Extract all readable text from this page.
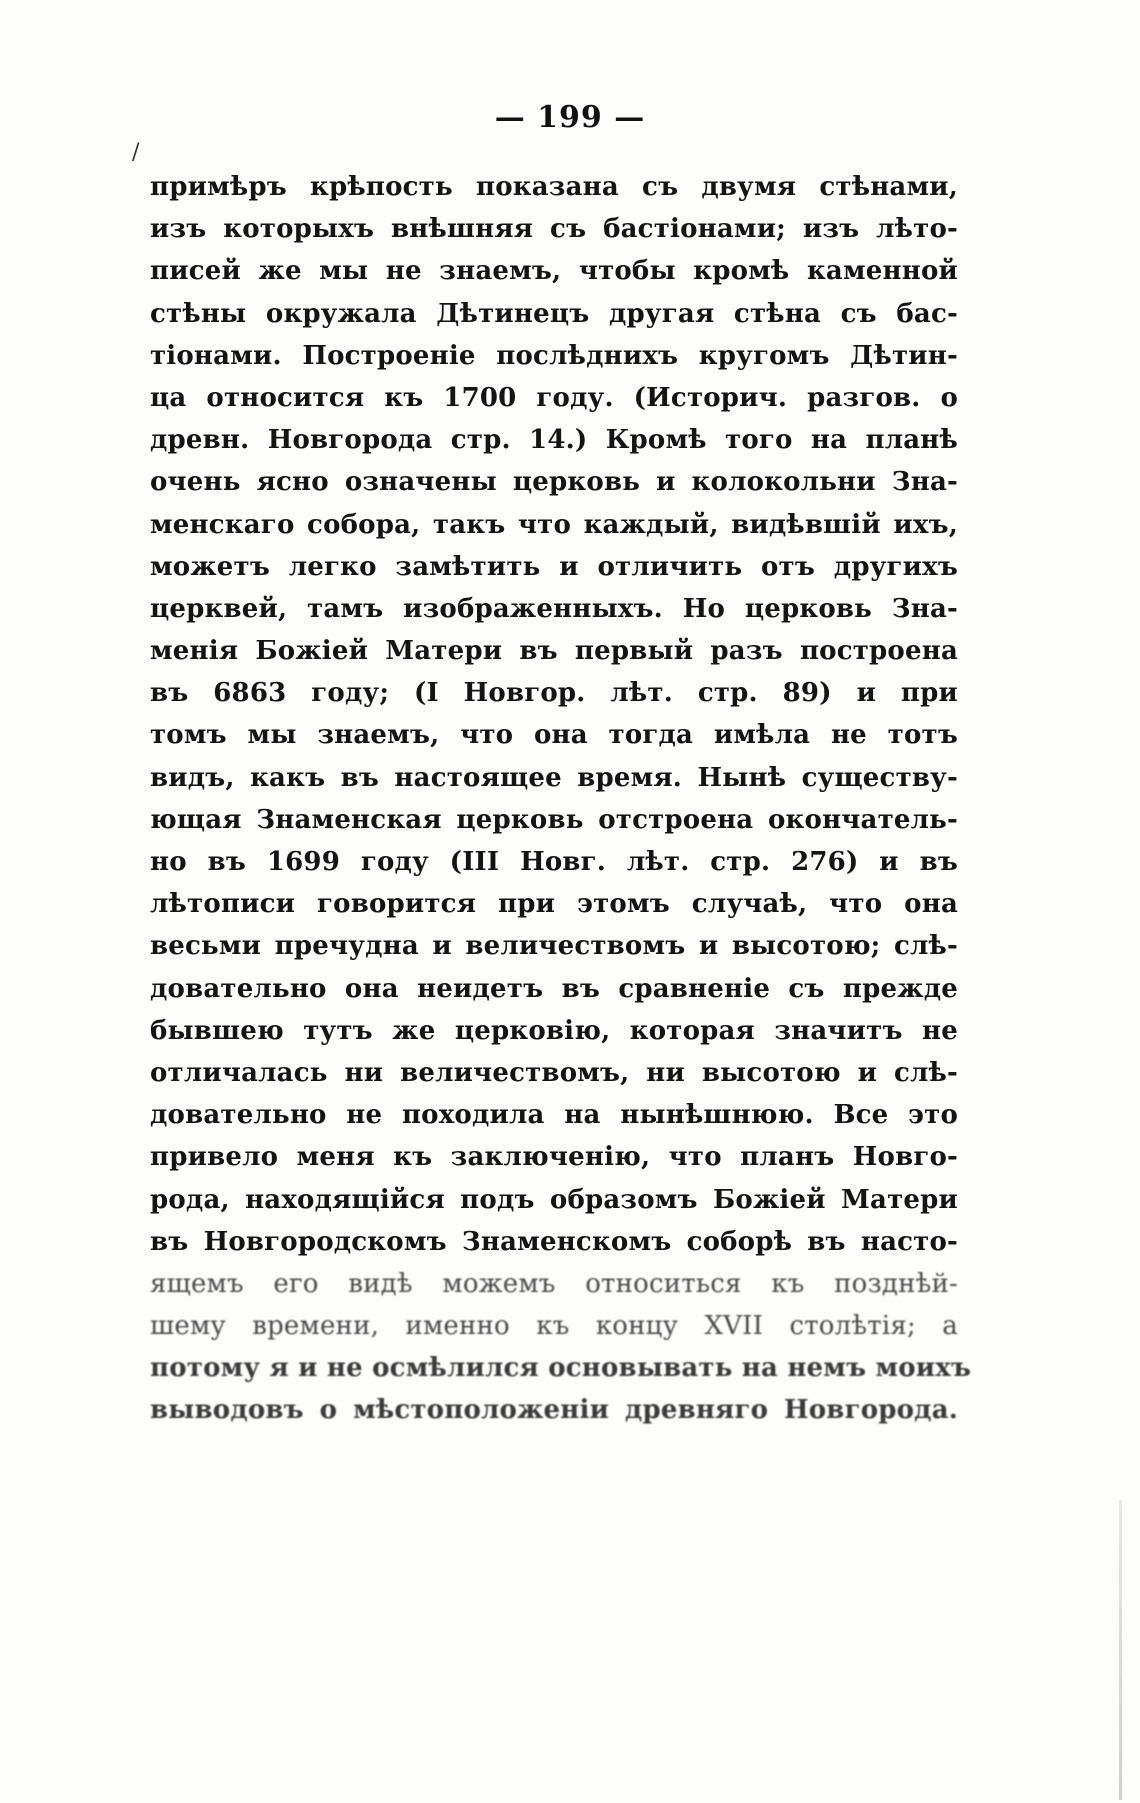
— 199 —
/
примѣръ крѣпость показана съ двумя стѣнами,
изъ которыхъ внѣшняя съ бастіонами; изъ лѣто-
писей же мы не знаемъ, чтобы кромѣ каменной
стѣны окружала Дѣтинецъ другая стѣна съ бас-
тіонами. Построеніе послѣднихъ кругомъ Дѣтин-
ца относится къ 1700 году. (Историч. разгов. о
древн. Новгорода стр. 14.) Кромѣ того на планѣ
очень ясно означены церковь и колокольни Зна-
менскаго собора, такъ что каждый, видѣвшій ихъ,
можетъ легко замѣтить и отличить отъ другихъ
церквей, тамъ изображенныхъ. Но церковь Зна-
менія Божіей Матери въ первый разъ построена
въ 6863 году; (I Новгор. лѣт. стр. 89) и при
томъ мы знаемъ, что она тогда имѣла не тотъ
видъ, какъ въ настоящее время. Нынѣ существу-
ющая Знаменская церковь отстроена окончатель-
но въ 1699 году (III Новг. лѣт. стр. 276) и въ
лѣтописи говорится при этомъ случаѣ, что она
весьми пречудна и величествомъ и высотою; слѣ-
довательно она неидетъ въ сравненіе съ прежде
бывшею тутъ же церковію, которая значитъ не
отличалась ни величествомъ, ни высотою и слѣ-
довательно не походила на нынѣшнюю. Все это
привело меня къ заключенію, что планъ Новго-
рода, находящійся подъ образомъ Божіей Матери
въ Новгородскомъ Знаменскомъ соборѣ въ насто-
ящемъ его видѣ можемъ относиться къ позднѣй-
шему времени, именно къ концу XVII столѣтія; а
потому я и не осмѣлился основывать на немъ моихъ
выводовъ о мѣстоположеніи древняго Новгорода.
